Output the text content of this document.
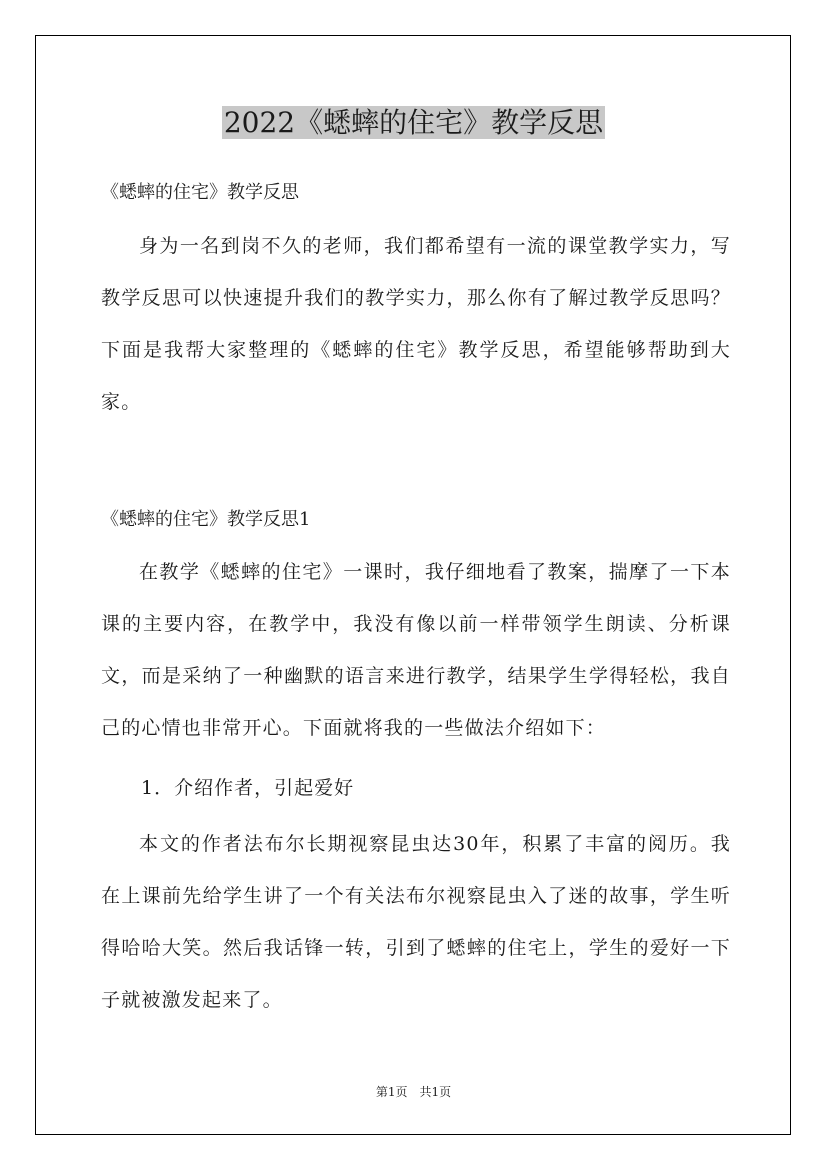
2022《蟋蟀的住宅》教学反思

《蟋蟀的住宅》教学反思

身为一名到岗不久的老师，我们都希望有一流的课堂教学实力，写教学反思可以快速提升我们的教学实力，那么你有了解过教学反思吗？下面是我帮大家整理的《蟋蟀的住宅》教学反思，希望能够帮助到大家。

《蟋蟀的住宅》教学反思1

在教学《蟋蟀的住宅》一课时，我仔细地看了教案，揣摩了一下本课的主要内容，在教学中，我没有像以前一样带领学生朗读、分析课文，而是采纳了一种幽默的语言来进行教学，结果学生学得轻松，我自己的心情也非常开心。下面就将我的一些做法介绍如下：

1．介绍作者，引起爱好

本文的作者法布尔长期视察昆虫达30年，积累了丰富的阅历。我在上课前先给学生讲了一个有关法布尔视察昆虫入了迷的故事，学生听得哈哈大笑。然后我话锋一转，引到了蟋蟀的住宅上，学生的爱好一下子就被激发起来了。

第1页　共1页
